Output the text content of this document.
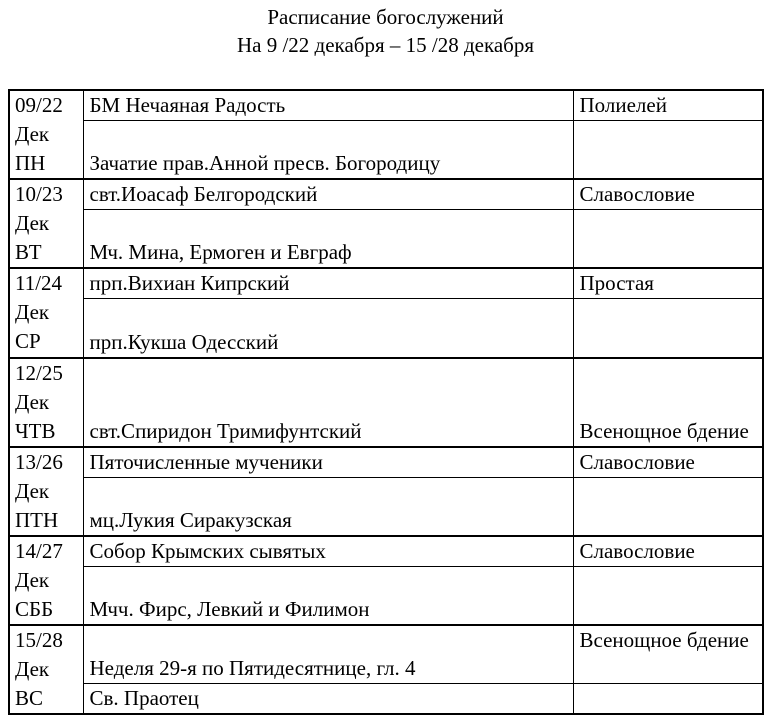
Расписание богослужений
На 9 /22 декабря – 15 /28 декабря
09/22
Дек
ПН	БМ Нечаяная Радость	Полиелей
	Зачатие прав.Анной пресв. Богородицу	

10/23
Дек
ВТ	свт.Иоасаф Белгородский	Славословие
	Мч. Мина, Ермоген и Евграф	

11/24
Дек
СР	прп.Вихиан Кипрский	Простая
	прп.Кукша Одесский	

12/25
Дек
ЧТВ	свт.Спиридон Тримифунтский	Всенощное бдение

13/26
Дек
ПТН	Пяточисленные мученики	Славословие
	мц.Лукия Сиракузская	

14/27
Дек
СББ	Собор Крымских сывятых	Славословие
	Мчч. Фирс, Левкий и Филимон	

15/28
Дек
ВС	Неделя 29-я по Пятидесятнице, гл. 4	Всенощное бдение
	Св. Праотец	
